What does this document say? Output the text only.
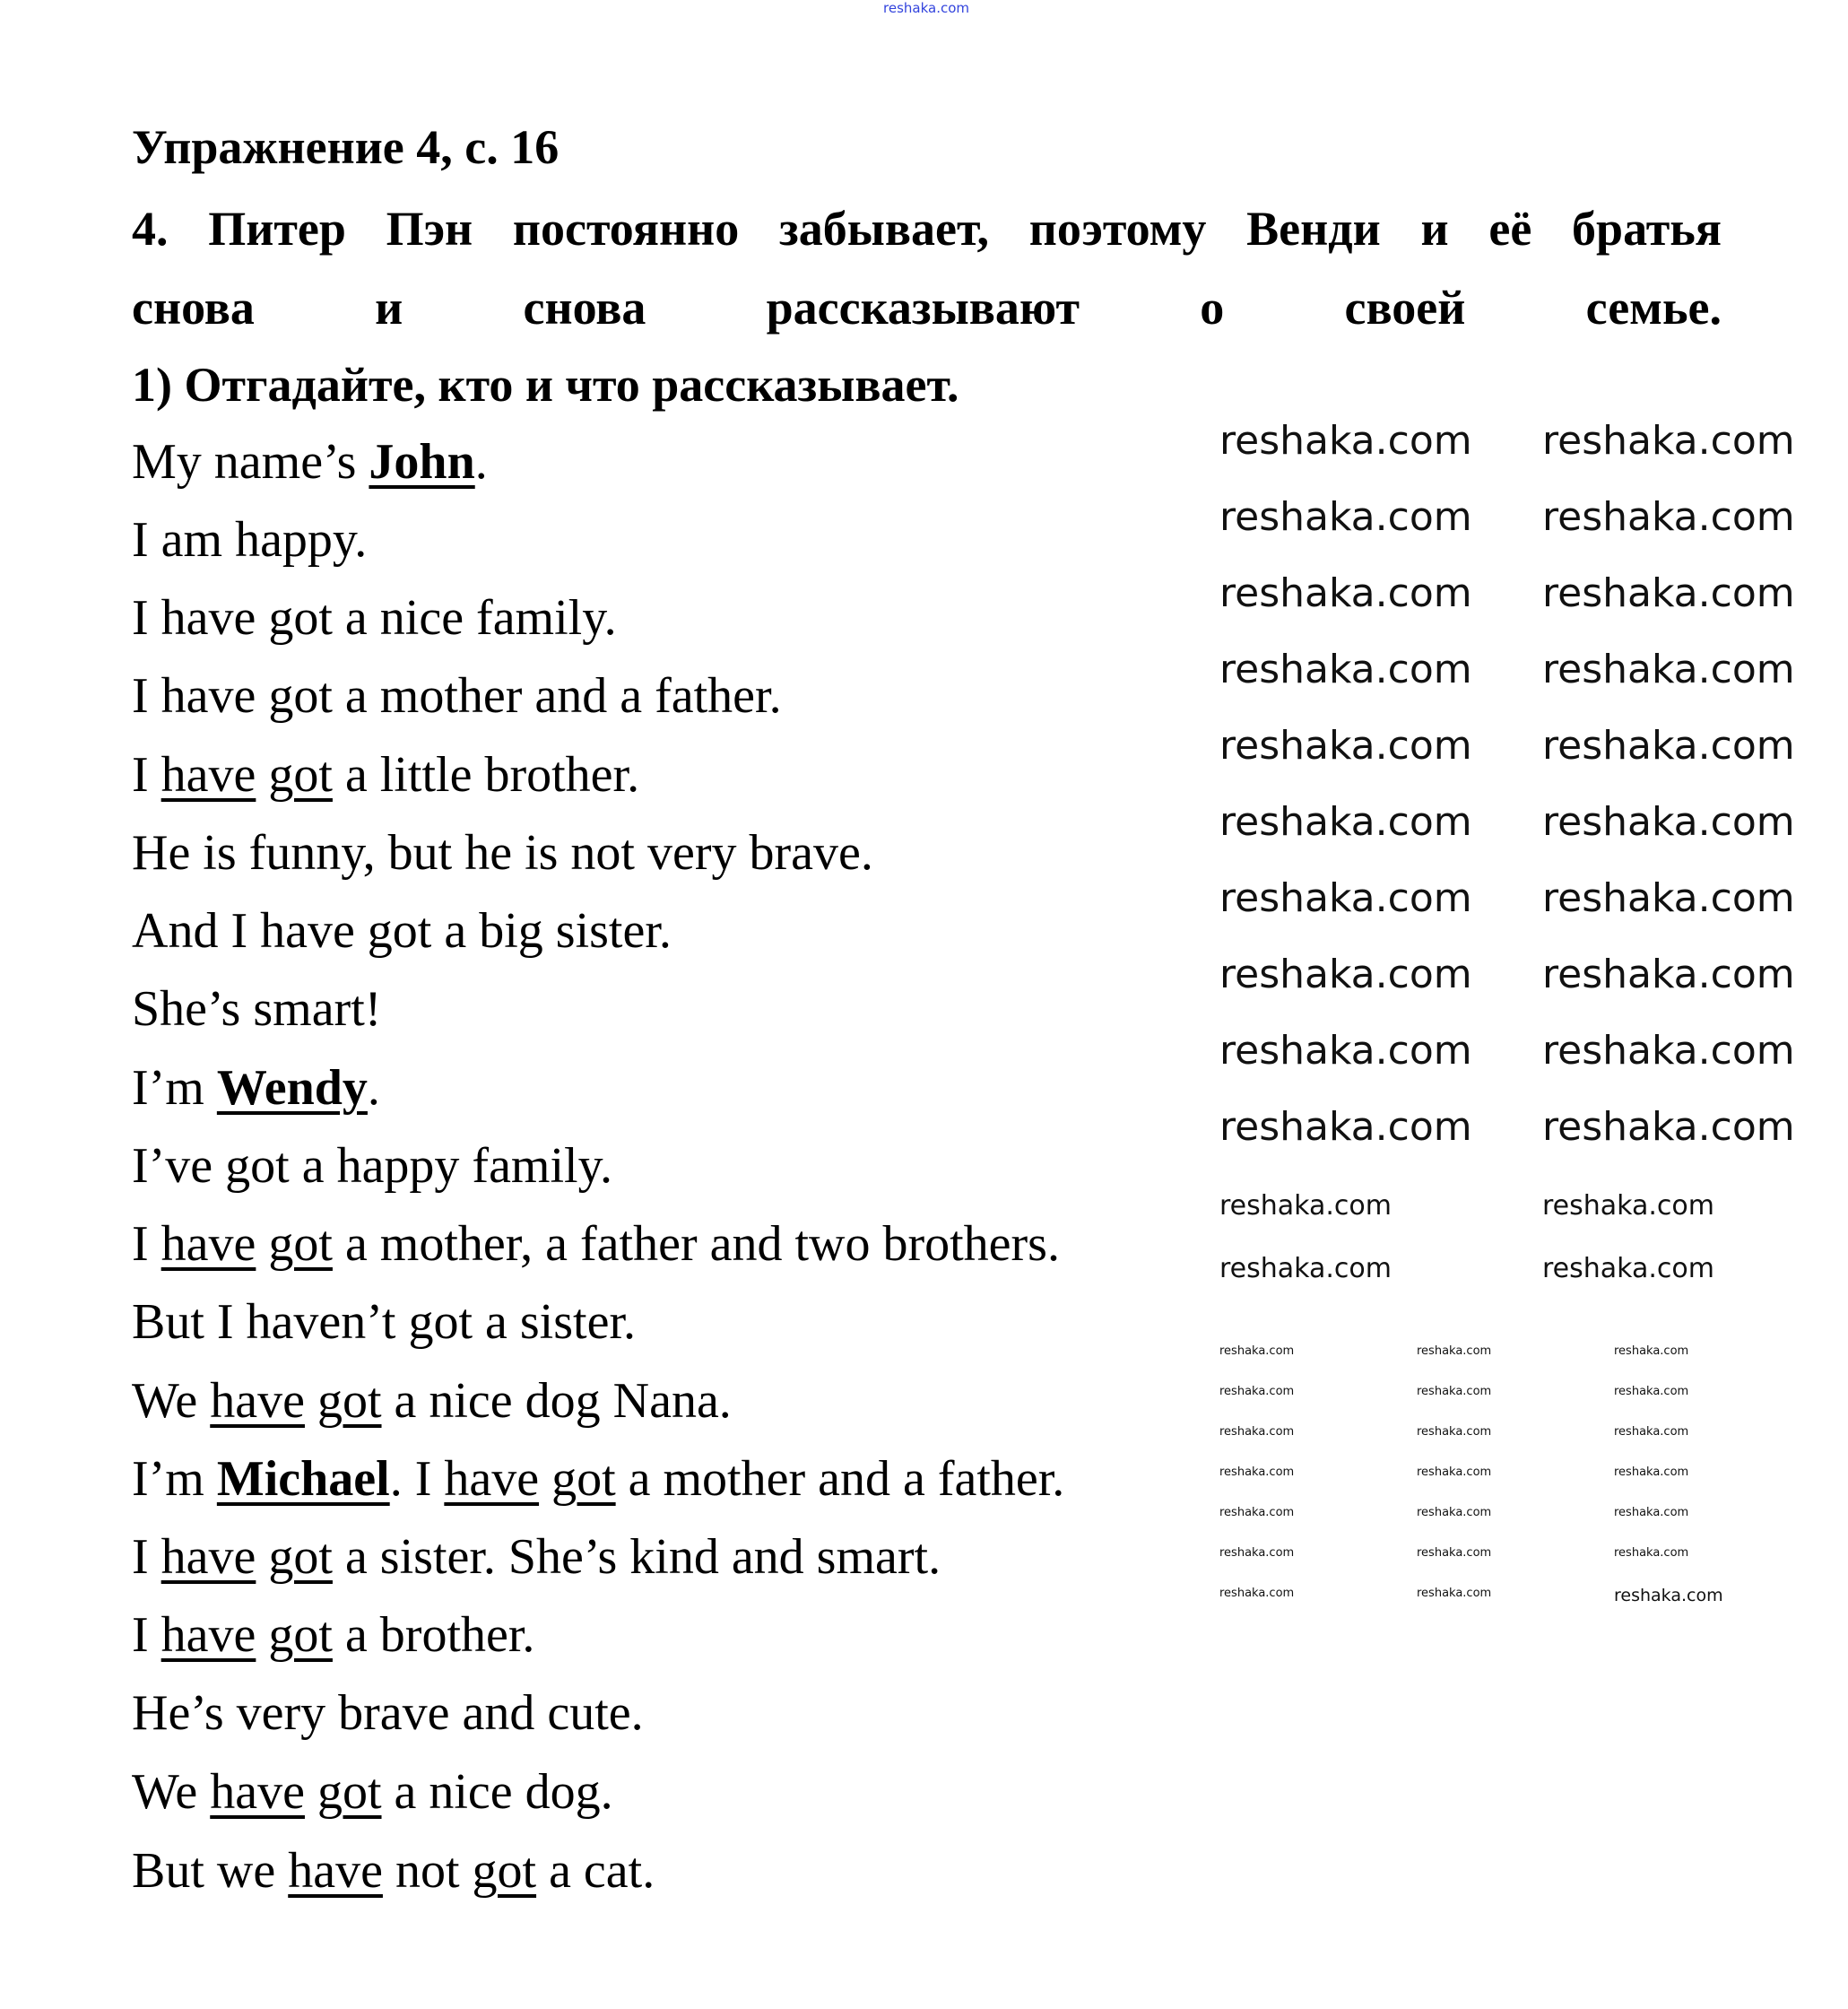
Упражнение 4, с. 16
4. Питер Пэн постоянно забывает, поэтому Венди и её братья
снова и снова рассказывают о своей семье.
1) Отгадайте, кто и что рассказывает.
My name’s John.
I am happy.
I have got a nice family.
I have got a mother and a father.
I have got a little brother.
He is funny, but he is not very brave.
And I have got a big sister.
She’s smart!
I’m Wendy.
I’ve got a happy family.
I have got a mother, a father and two brothers.
But I haven’t got a sister.
We have got a nice dog Nana.
I’m Michael. I have got a mother and a father.
I have got a sister. She’s kind and smart.
I have got a brother.
He’s very brave and cute.
We have got a nice dog.
But we have not got a cat.
reshaka.com
reshaka.com reshaka.com
reshaka.com reshaka.com
reshaka.com reshaka.com
reshaka.com reshaka.com
reshaka.com reshaka.com
reshaka.com reshaka.com
reshaka.com reshaka.com
reshaka.com reshaka.com
reshaka.com reshaka.com
reshaka.com reshaka.com
reshaka.com	reshaka.com
reshaka.com	reshaka.com
reshaka.com	reshaka.com	reshaka.com
reshaka.com	reshaka.com	reshaka.com
reshaka.com	reshaka.com	reshaka.com
reshaka.com	reshaka.com	reshaka.com
reshaka.com	reshaka.com	reshaka.com
reshaka.com	reshaka.com	reshaka.com
reshaka.com	reshaka.com	reshaka.com
